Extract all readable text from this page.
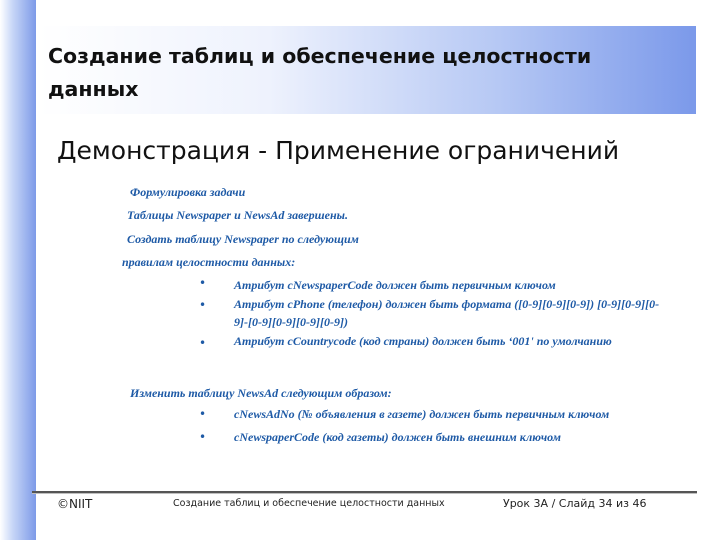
Создание таблиц и обеспечение целостности данных
Демонстрация - Применение ограничений
Формулировка задачи
Таблицы Newspaper и NewsAd завершены.
Создать таблицу Newspaper по следующим
правилам целостности данных:
• Атрибут cNewspaperCode должен быть первичным ключом
• Атрибут cPhone (телефон) должен быть формата ([0-9][0-9][0-9]) [0-9][0-9][0-9]-[0-9][0-9][0-9][0-9])
• Атрибут cCountrycode (код страны) должен быть ‘001' по умолчанию
Изменить таблицу NewsAd следующим образом:
• cNewsAdNo (№ объявления в газете) должен быть первичным ключом
• cNewspaperCode (код газеты) должен быть внешним ключом
©NIIT	Создание таблиц и обеспечение целостности данных	Урок 3А / Слайд 34 из 46
